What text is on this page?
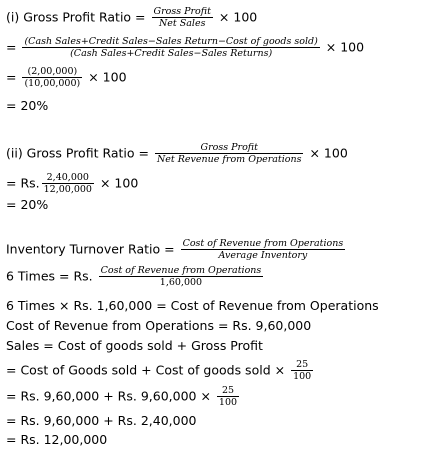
(i) Gross Profit Ratio = $\frac{\text{Gross Profit}}{\text{Net Sales}} \times 100$
= $\frac{\text{(Cash Sales+Credit Sales−Sales Return−Cost of goods sold)}}{\text{(Cash Sales+Credit Sales−Sales Returns)}} \times 100$
= $\frac{(2,00,000)}{(10,00,000)} \times 100$
= 20%
(ii) Gross Profit Ratio = $\frac{\text{Gross Profit}}{\text{Net Revenue from Operations}} \times 100$
= Rs. $\frac{2,40,000}{12,00,000} \times 100$
= 20%
Inventory Turnover Ratio = $\frac{\text{Cost of Revenue from Operations}}{\text{Average Inventory}}$
6 Times = Rs. $\frac{\text{Cost of Revenue from Operations}}{1,60,000}$
6 Times × Rs. 1,60,000 = Cost of Revenue from Operations
Cost of Revenue from Operations = Rs. 9,60,000
Sales = Cost of goods sold + Gross Profit
= Cost of Goods sold + Cost of goods sold × $\frac{25}{100}$
= Rs. 9,60,000 + Rs. $9,60,000 \times \frac{25}{100}$
= Rs. 9,60,000 + Rs. 2,40,000
= Rs. 12,00,000
